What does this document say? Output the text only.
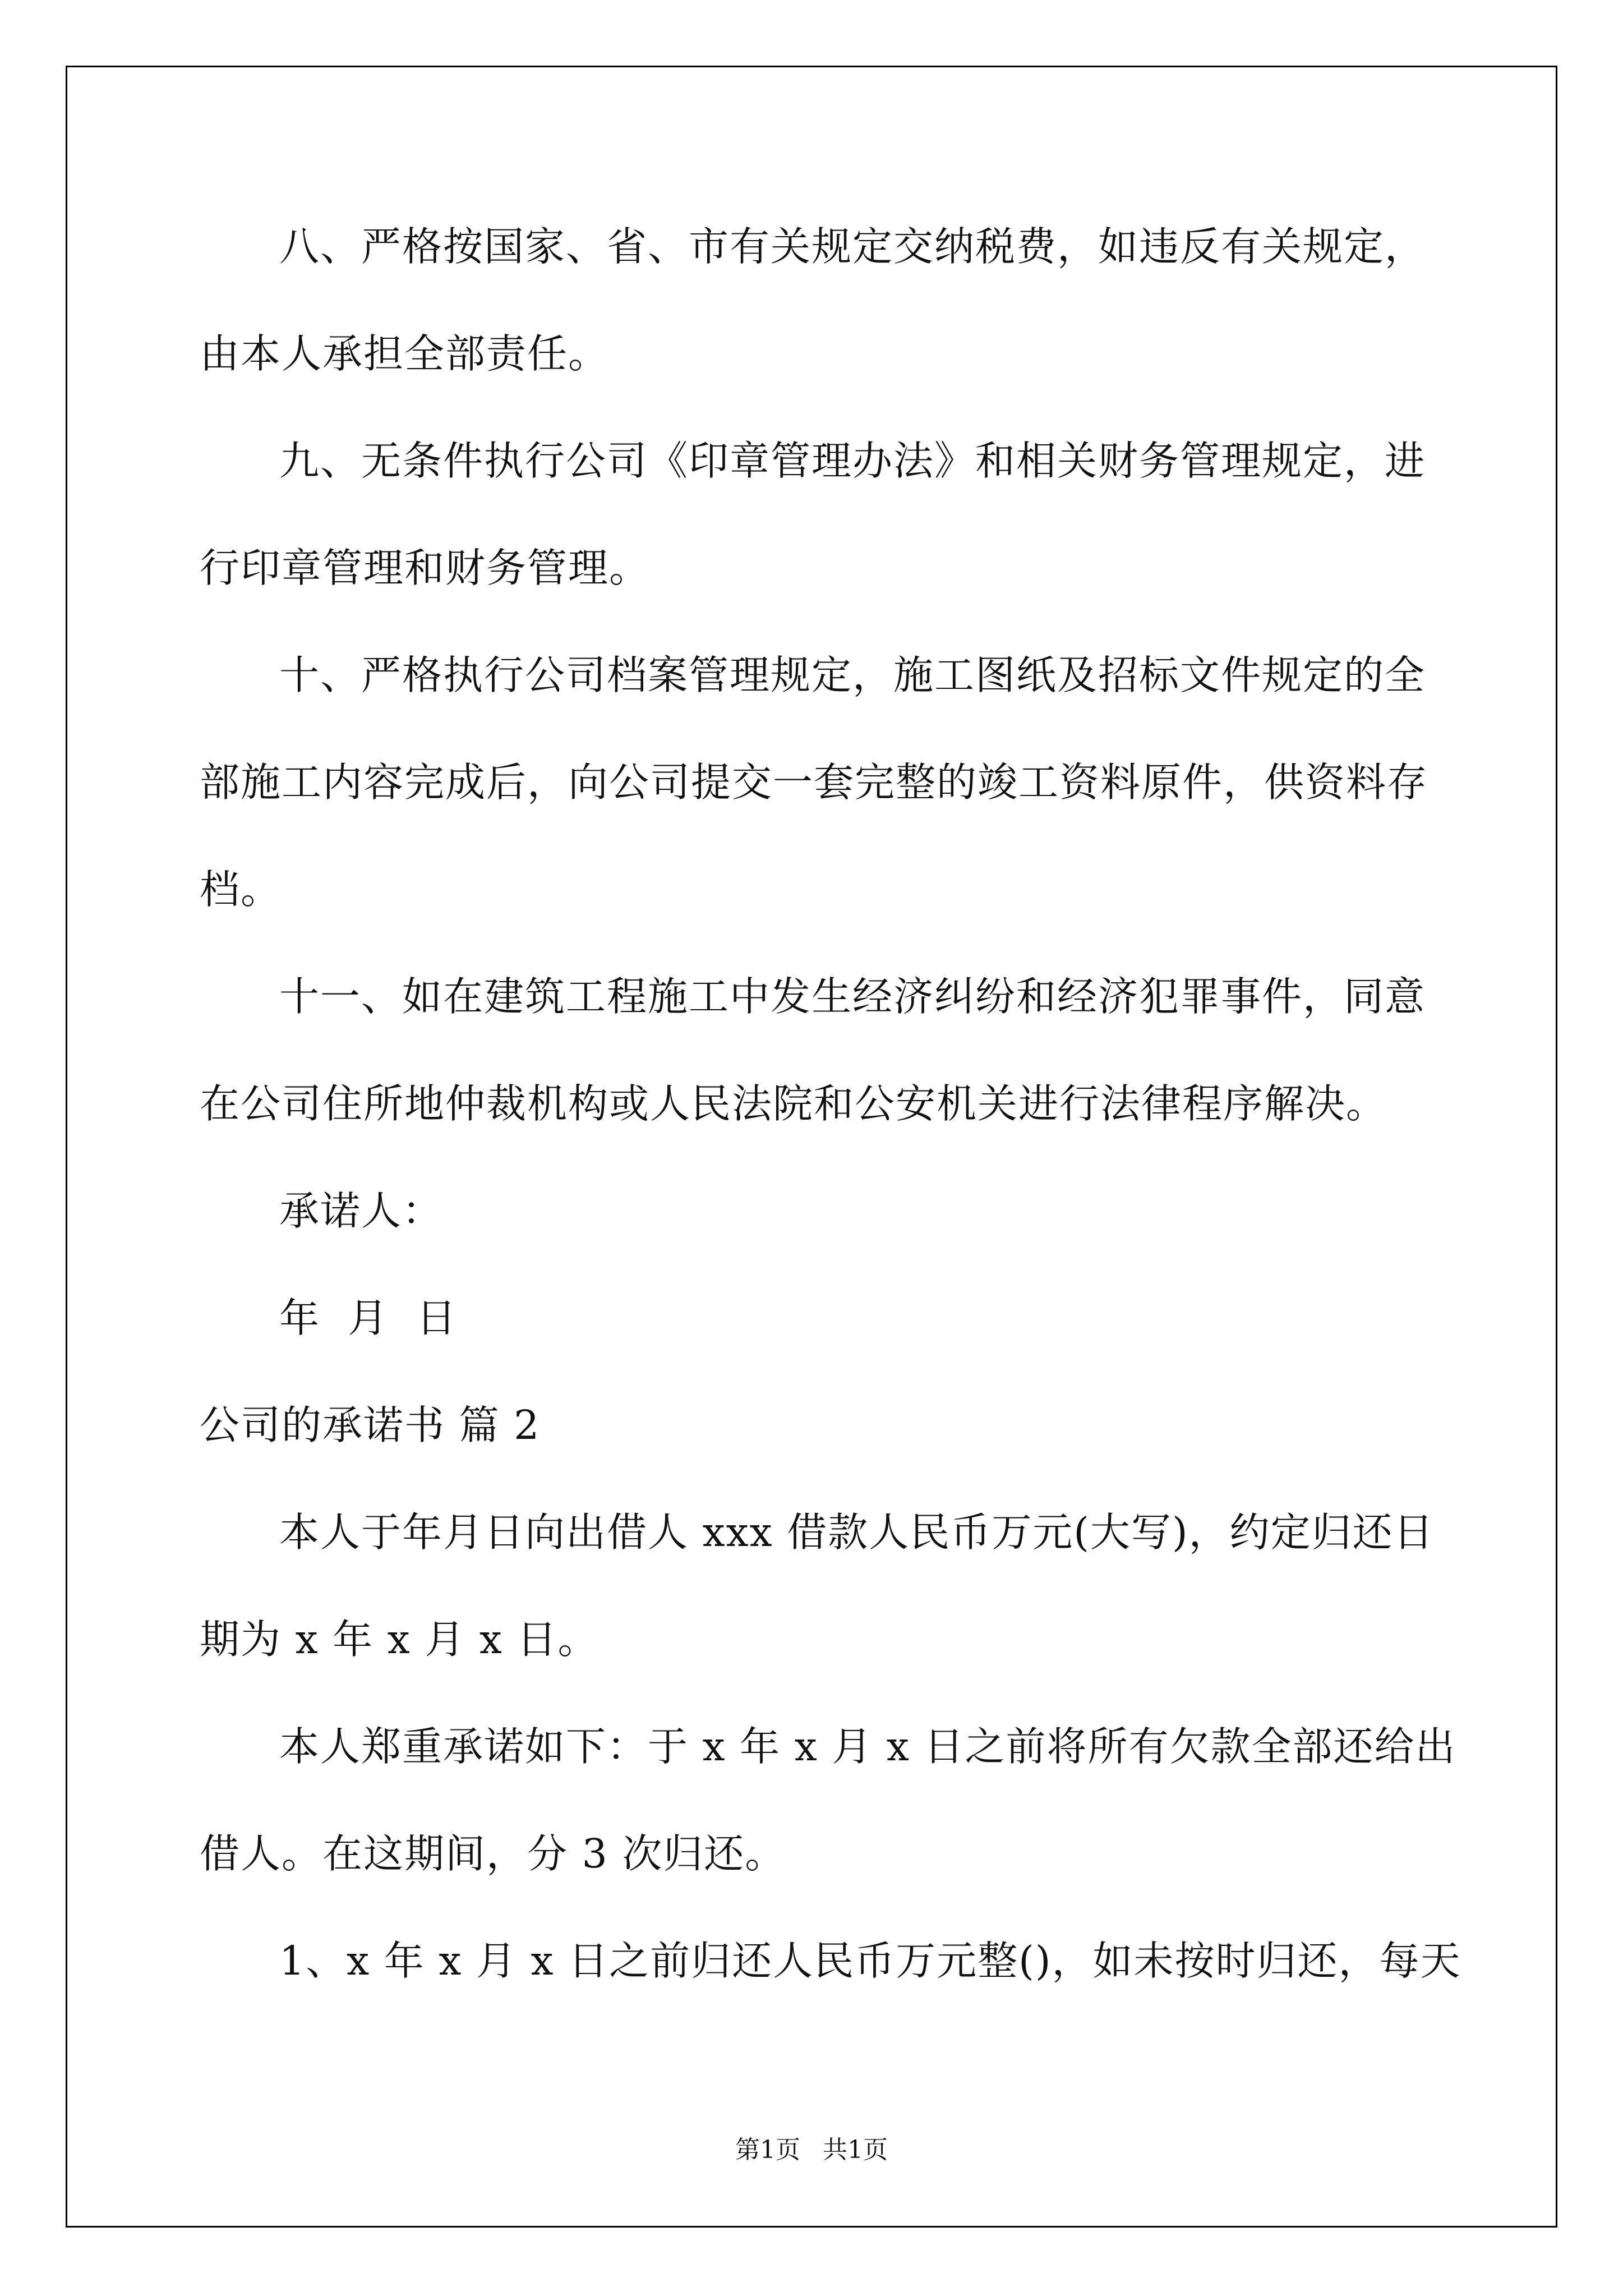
八、严格按国家、省、市有关规定交纳税费，如违反有关规定，

由本人承担全部责任。

九、无条件执行公司《印章管理办法》和相关财务管理规定，进

行印章管理和财务管理。

十、严格执行公司档案管理规定，施工图纸及招标文件规定的全

部施工内容完成后，向公司提交一套完整的竣工资料原件，供资料存

档。

十一、如在建筑工程施工中发生经济纠纷和经济犯罪事件，同意

在公司住所地仲裁机构或人民法院和公安机关进行法律程序解决。

承诺人：

年  月  日

公司的承诺书 篇 2

本人于年月日向出借人 xxx 借款人民币万元(大写)，约定归还日

期为 x 年 x 月 x 日。

本人郑重承诺如下：于 x 年 x 月 x 日之前将所有欠款全部还给出

借人。在这期间，分 3 次归还。

1、x 年 x 月 x 日之前归还人民币万元整()，如未按时归还，每天

第1页 共1页
